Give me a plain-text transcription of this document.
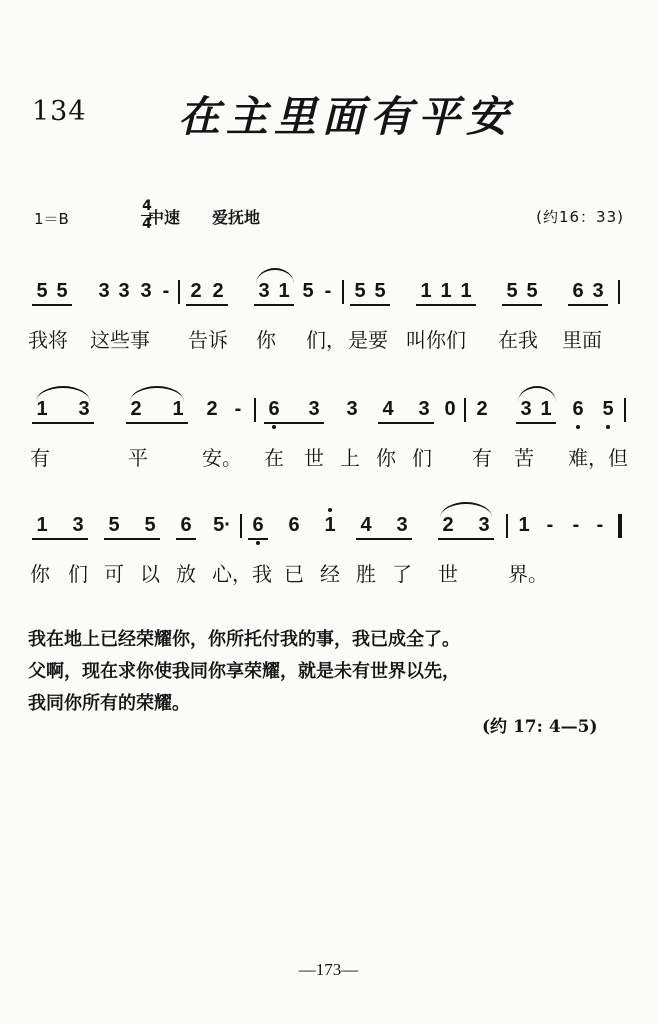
134 在主里面有平安
1＝B
4
4
中速 爱抚地	(约16：33)
5 5 3 3 3 -	2 2 3 1 5 -	5 5 1 1 1 5 5 6 3
我将 这些事 告诉 你 们， 是要 叫你们 在我 里面
1 3 2 1 2 -	6 3 3 4 3 0 2 3 1 6 5
有	平	安。 在 世 上 你 们 有 苦 难，但
1 3 5 5 6 5· 6 6 1 4 3 2 3 1 - - -
你 们 可 以 放 心，我 已 经 胜 了 世	界。

我在地上已经荣耀你，你所托付我的事，我已成全了。

父啊，现在求你使我同你享荣耀，就是未有世界以先，

我同你所有的荣耀。

(约 17: 4—5)
—173—
